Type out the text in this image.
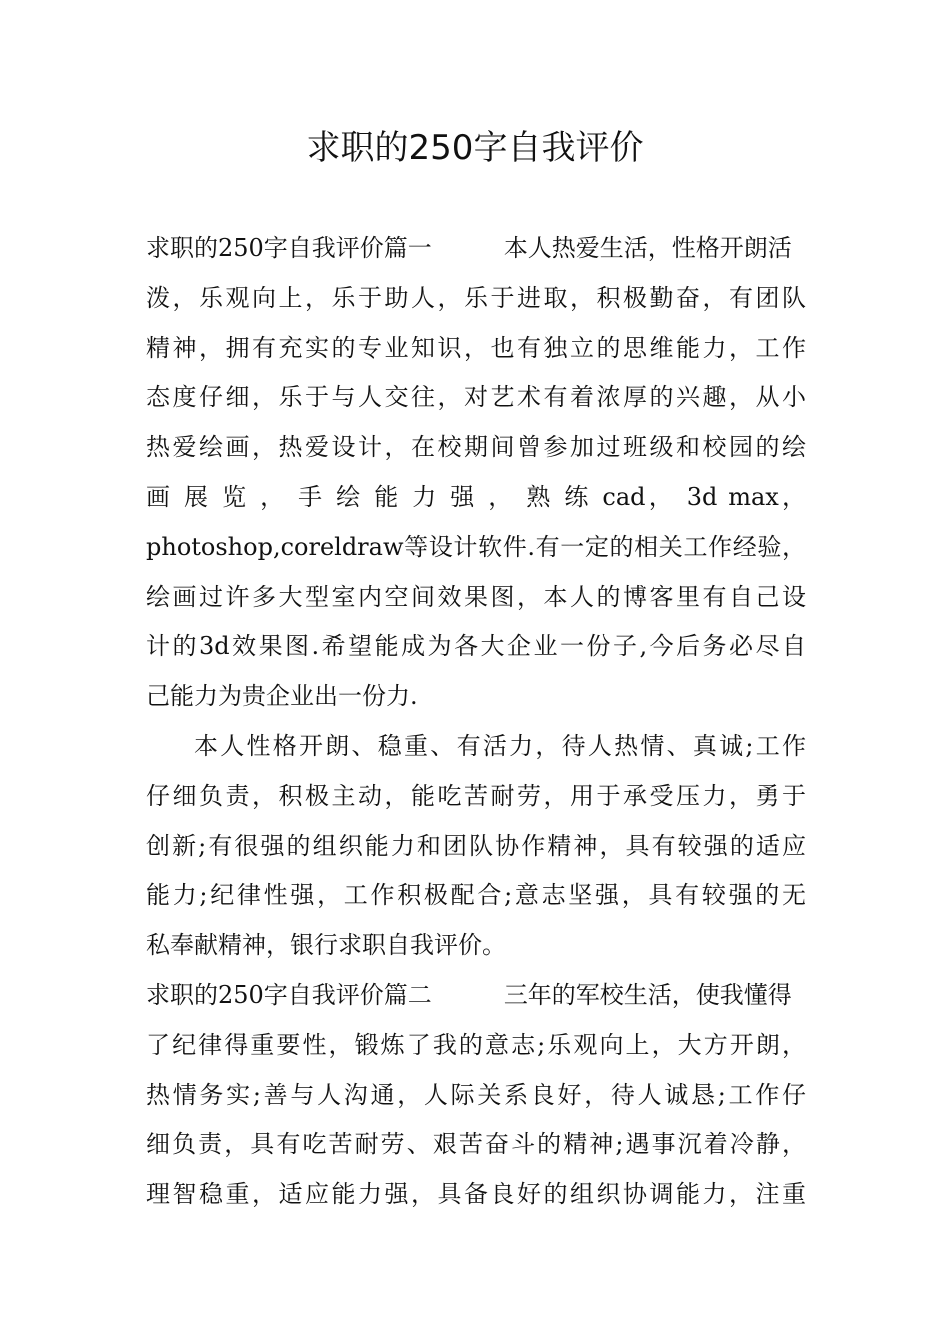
求职的250字自我评价
求职的250字自我评价篇一	本人热爱生活，性格开朗活
泼，乐观向上，乐于助人，乐于进取，积极勤奋，有团队
精神，拥有充实的专业知识，也有独立的思维能力，工作
态度仔细，乐于与人交往，对艺术有着浓厚的兴趣，从小
热爱绘画，热爱设计，在校期间曾参加过班级和校园的绘
画 展 览 ， 手 绘 能 力 强 ， 熟 练 cad， 3d max，
photoshop,coreldraw等设计软件.有一定的相关工作经验，
绘画过许多大型室内空间效果图，本人的博客里有自己设
计的3d效果图.希望能成为各大企业一份子,今后务必尽自
己能力为贵企业出一份力.
本人性格开朗、稳重、有活力，待人热情、真诚;工作
仔细负责，积极主动，能吃苦耐劳，用于承受压力，勇于
创新;有很强的组织能力和团队协作精神，具有较强的适应
能力;纪律性强，工作积极配合;意志坚强，具有较强的无
私奉献精神，银行求职自我评价。
求职的250字自我评价篇二	三年的军校生活，使我懂得
了纪律得重要性，锻炼了我的意志;乐观向上，大方开朗，
热情务实;善与人沟通，人际关系良好，待人诚恳;工作仔
细负责，具有吃苦耐劳、艰苦奋斗的精神;遇事沉着冷静，
理智稳重，适应能力强，具备良好的组织协调能力，注重
